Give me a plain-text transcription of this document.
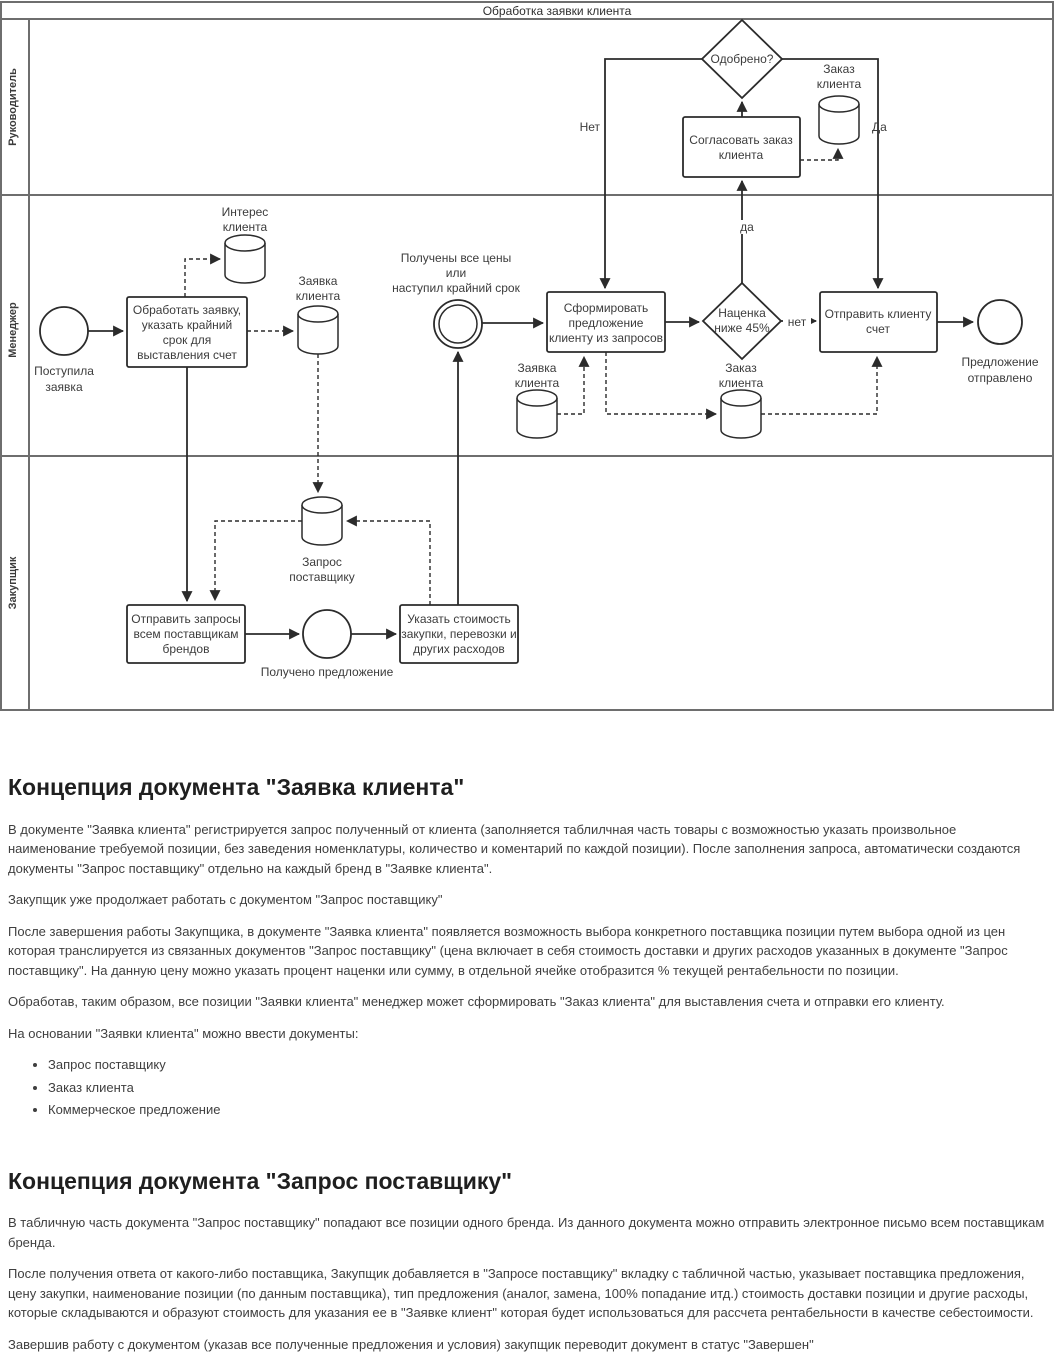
Обработка заявки клиента
Руководитель
Менеджер
Закупщик
Нет	Да
да
нет
Одобрено?
Согласовать заказ
клиента
Заказ
клиента
Поступила
заявка
Обработать заявку,
указать крайний
срок для
выставления счет
Интерес
клиента
Заявка
клиента
Получены все цены
или
наступил крайний срок
Сформировать
предложение
клиенту из запросов
Наценка
ниже 45%
Отправить клиенту
счет
Предложение
отправлено
Заявка
клиента
Заказ
клиента
Запрос
поставщику
Отправить запросы
всем поставщикам
брендов
Получено предложение
Указать стоимость
закупки, перевозки и
других расходов
Концепция документа "Заявка клиента"

В документе "Заявка клиента" регистрируется запрос полученный от клиента (заполняется таблилчная часть товары с возможностью указать произвольное наименование требуемой позиции, без заведения номенклатуры, количество и коментарий по каждой позиции). После заполнения запроса, автоматически создаются документы "Запрос поставщику" отдельно на каждый бренд в "Заявке клиента".

Закупщик уже продолжает работать с документом "Запрос поставщику"

После завершения работы Закупщика, в документе "Заявка клиента" появляется возможность выбора конкретного поставщика позиции путем выбора одной из цен которая транслируется из связанных документов "Запрос поставщику" (цена включает в себя стоимость доставки и других расходов указанных в документе "Запрос поставщику". На данную цену можно указать процент наценки или сумму, в отдельной ячейке отобразится % текущей рентабельности по позиции.

Обработав, таким образом, все позиции "Заявки клиента" менеджер может сформировать "Заказ клиента" для выставления счета и отправки его клиенту.

На основании "Заявки клиента" можно ввести документы:

• Запрос поставщику
• Заказ клиента
• Коммерческое предложение
Концепция документа "Запрос поставщику"

В табличную часть документа "Запрос поставщику" попадают все позиции одного бренда. Из данного документа можно отправить электронное письмо всем поставщикам бренда.

После получения ответа от какого-либо поставщика, Закупщик добавляется в "Запросе поставщику" вкладку с табличной частью, указывает поставщика предложения, цену закупки, наименование позиции (по данным поставщика), тип предложения (аналог, замена, 100% попадание итд.) стоимость доставки позиции и другие расходы, которые складываются и образуют стоимость для указания ее в "Заявке клиент" которая будет использоваться для рассчета рентабельности в качестве себестоимости.

Завершив работу с документом (указав все полученные предложения и условия) закупщик переводит документ в статус "Завершен"
